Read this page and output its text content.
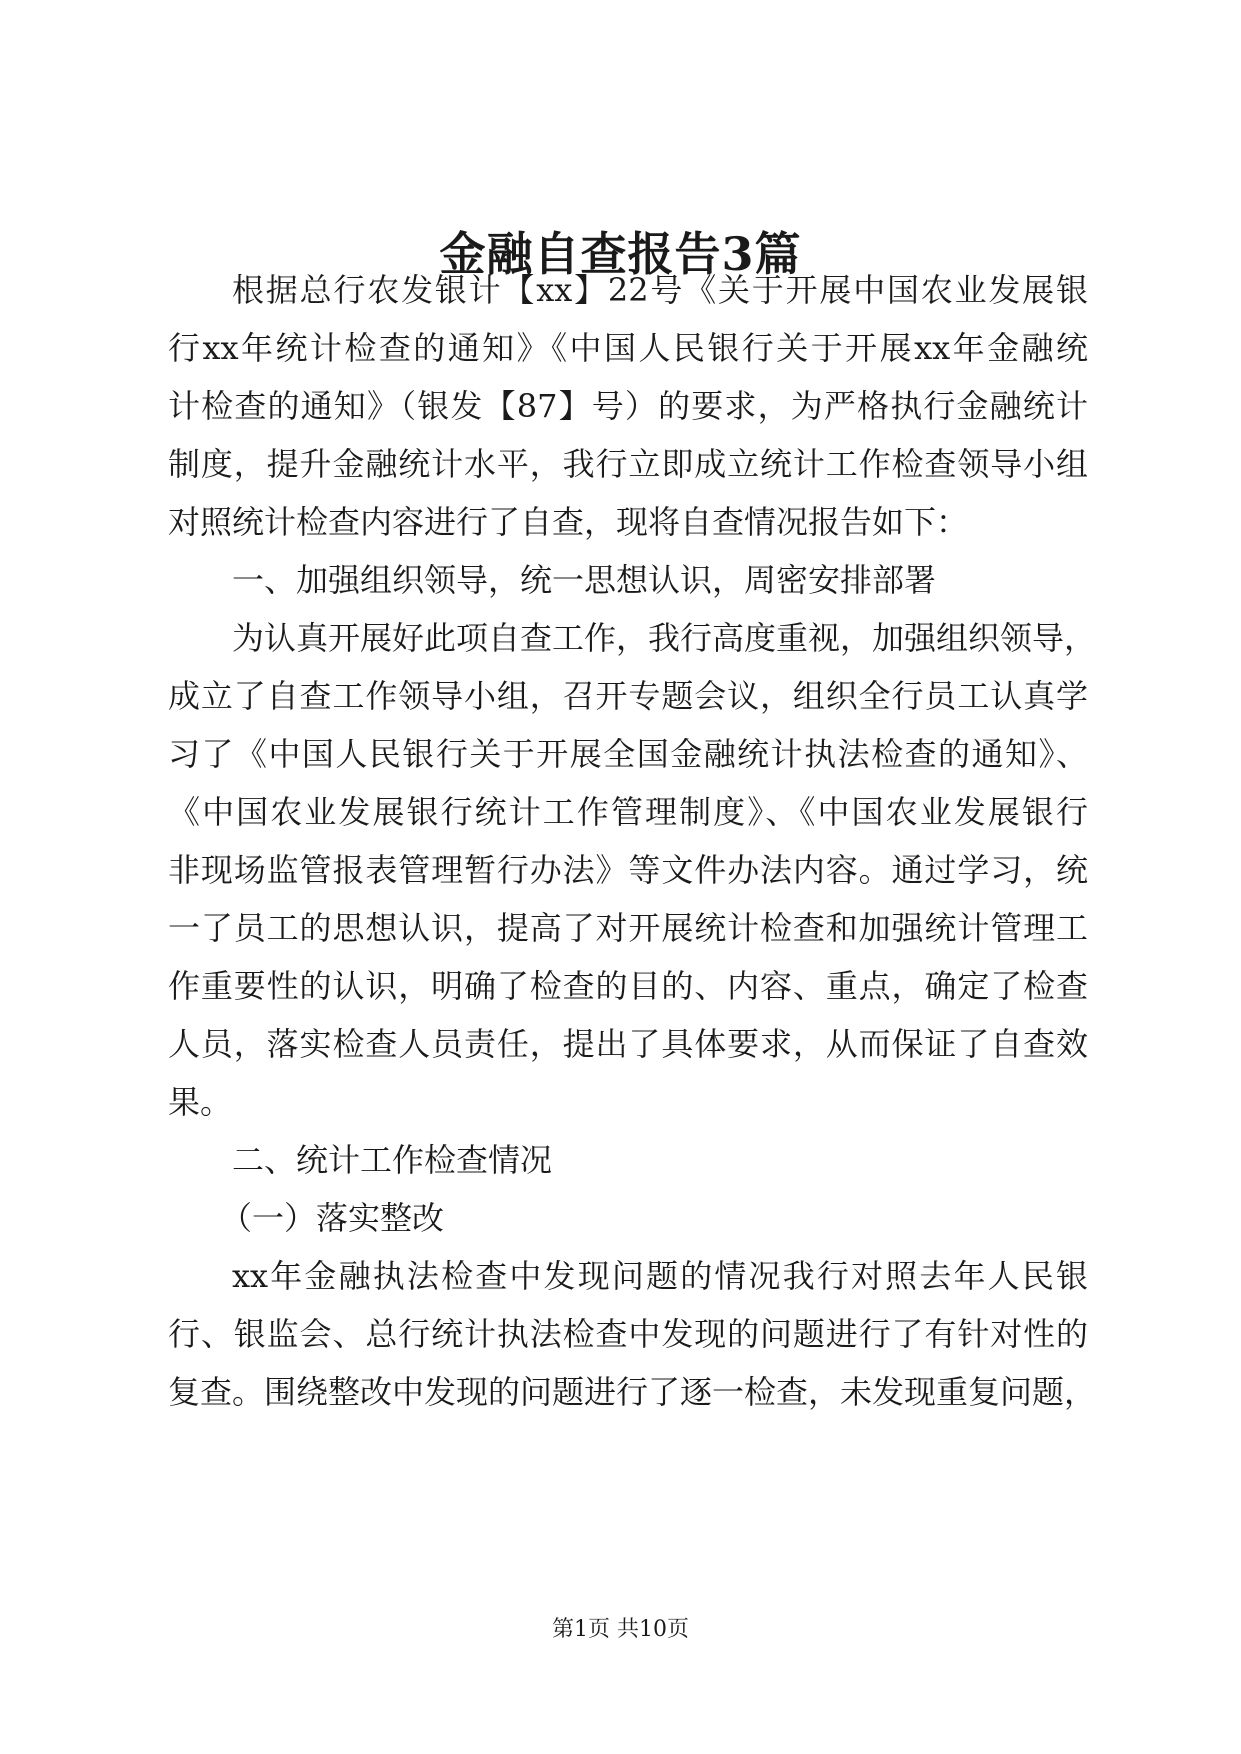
金融自查报告3篇

根据总行农发银计【xx】22号《关于开展中国农业发展银

行xx年统计检查的通知》《中国人民银行关于开展xx年金融统

计检查的通知》（银发【87】号）的要求，为严格执行金融统计

制度，提升金融统计水平，我行立即成立统计工作检查领导小组

对照统计检查内容进行了自查，现将自查情况报告如下：

一、加强组织领导，统一思想认识，周密安排部署

为认真开展好此项自查工作，我行高度重视，加强组织领导，

成立了自查工作领导小组，召开专题会议，组织全行员工认真学

习了《中国人民银行关于开展全国金融统计执法检查的通知》、

《中国农业发展银行统计工作管理制度》、《中国农业发展银行

非现场监管报表管理暂行办法》等文件办法内容。通过学习，统

一了员工的思想认识，提高了对开展统计检查和加强统计管理工

作重要性的认识，明确了检查的目的、内容、重点，确定了检查

人员，落实检查人员责任，提出了具体要求，从而保证了自查效

果。

二、统计工作检查情况

（一）落实整改

xx年金融执法检查中发现问题的情况我行对照去年人民银

行、银监会、总行统计执法检查中发现的问题进行了有针对性的

复查。围绕整改中发现的问题进行了逐一检查，未发现重复问题，

第1页 共10页
